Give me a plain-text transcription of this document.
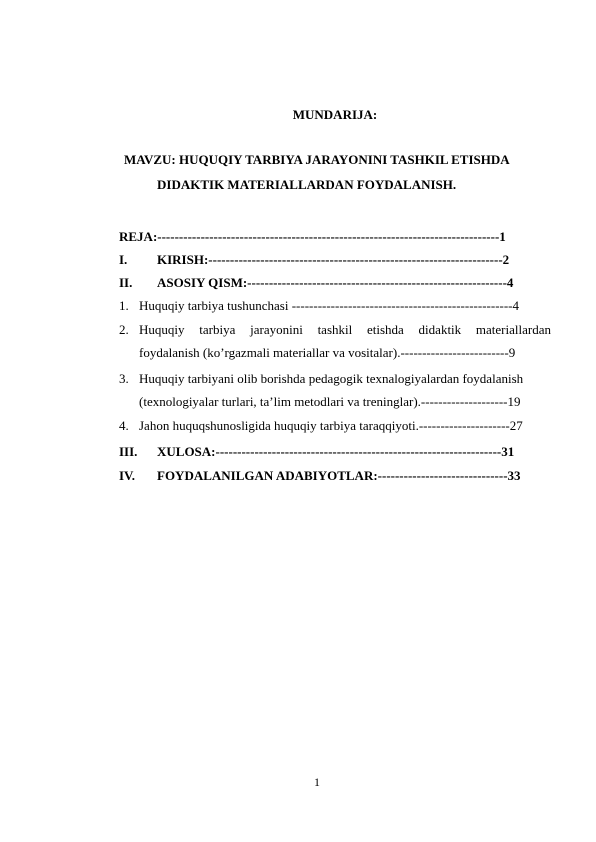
MUNDARIJA:
MAVZU: HUQUQIY TARBIYA JARAYONINI TASHKIL ETISHDA
DIDAKTIK MATERIALLARDAN FOYDALANISH.
REJA:-------------------------------------------------------------------------------1
I. KIRISH:--------------------------------------------------------------------2
II. ASOSIY QISM:------------------------------------------------------------4
1. Huquqiy tarbiya tushunchasi ---------------------------------------------------4
2. Huquqiy tarbiya jarayonini tashkil etishda didaktik materiallardan
foydalanish (ko’rgazmali materiallar va vositalar).-------------------------9
3. Huquqiy tarbiyani olib borishda pedagogik texnalogiyalardan foydalanish
(texnologiyalar turlari, ta’lim metodlari va treninglar).--------------------19
4. Jahon huquqshunosligida huquqiy tarbiya taraqqiyoti.---------------------27
III. XULOSA:------------------------------------------------------------------31
IV. FOYDALANILGAN ADABIYOTLAR:------------------------------33
1
